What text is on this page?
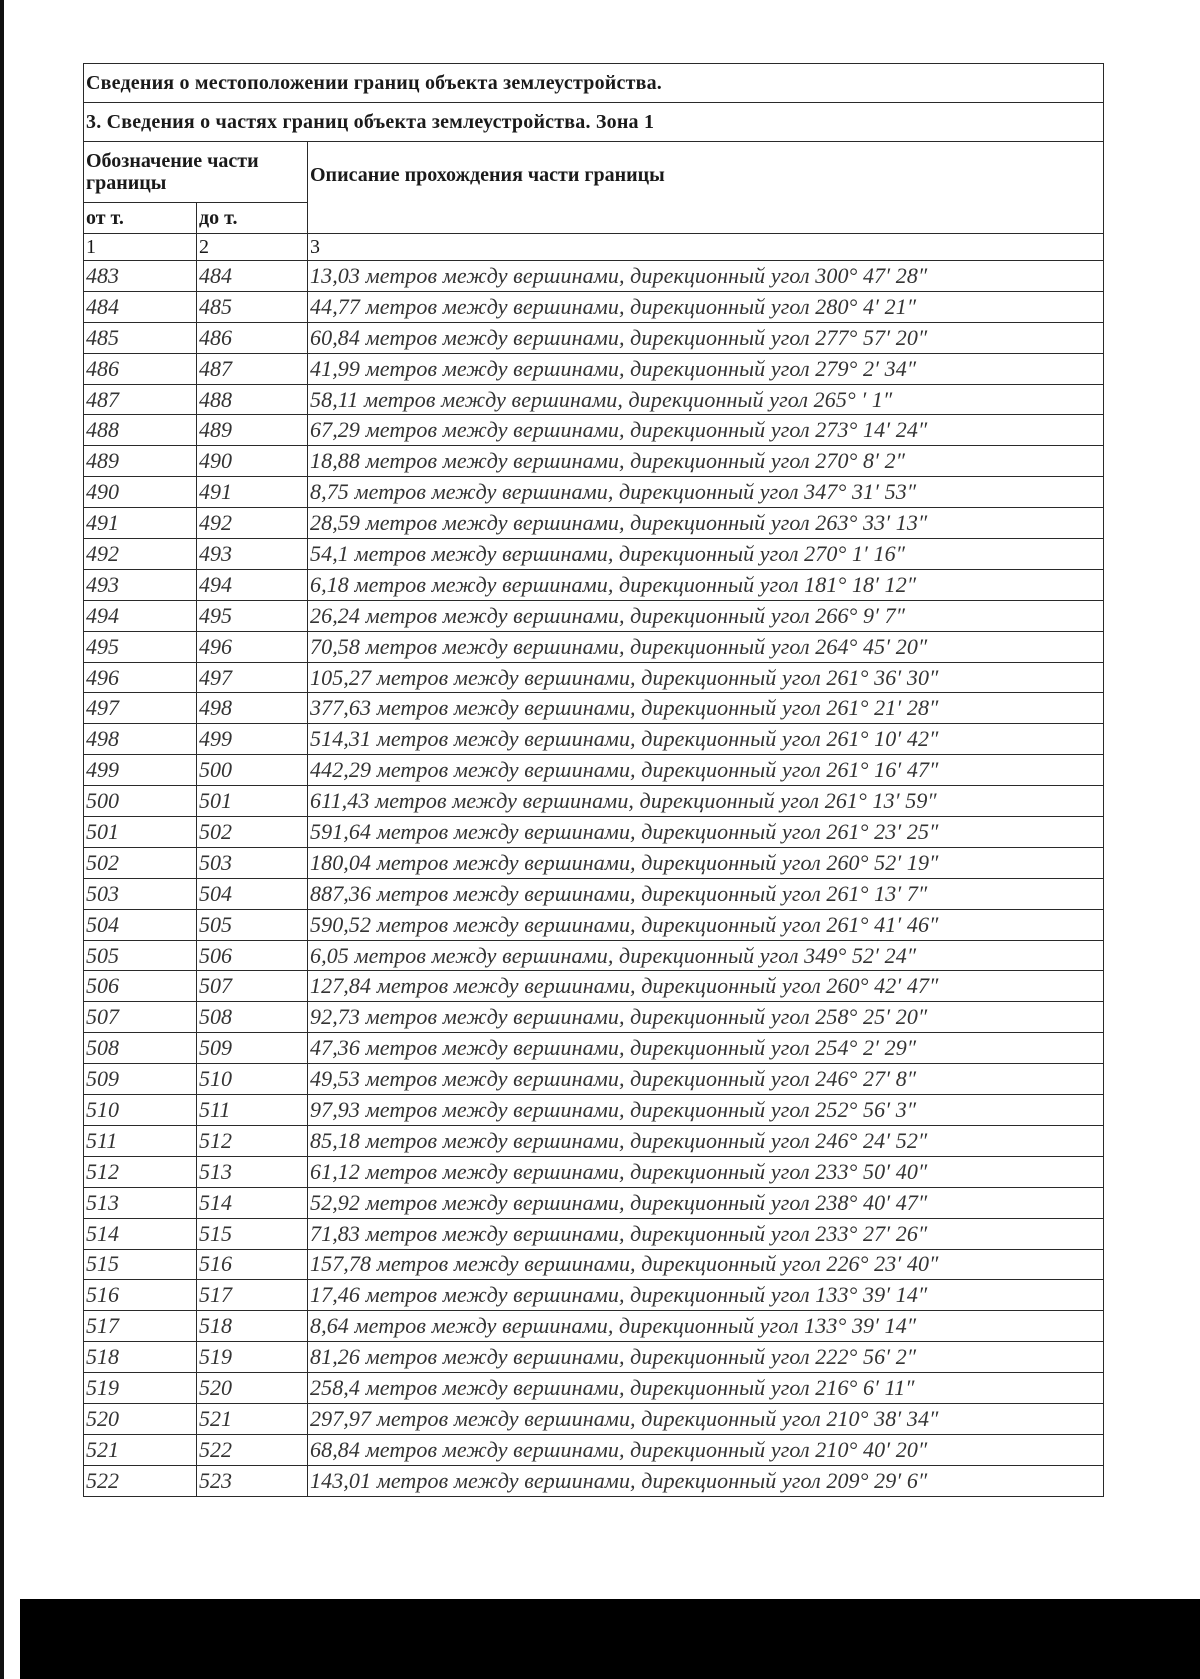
Сведения о местоположении границ объекта землеустройства.		
3. Сведения о частях границ объекта землеустройства. Зона 1		
Обозначение части границы		Описание прохождения части границы
от т.	до т.	
1	2	3
483	484	13,03 метров между вершинами, дирекционный угол 300° 47′ 28″
484	485	44,77 метров между вершинами, дирекционный угол 280° 4′ 21″
485	486	60,84 метров между вершинами, дирекционный угол 277° 57′ 20″
486	487	41,99 метров между вершинами, дирекционный угол 279° 2′ 34″
487	488	58,11 метров между вершинами, дирекционный угол 265° ′ 1″
488	489	67,29 метров между вершинами, дирекционный угол 273° 14′ 24″
489	490	18,88 метров между вершинами, дирекционный угол 270° 8′ 2″
490	491	8,75 метров между вершинами, дирекционный угол 347° 31′ 53″
491	492	28,59 метров между вершинами, дирекционный угол 263° 33′ 13″
492	493	54,1 метров между вершинами, дирекционный угол 270° 1′ 16″
493	494	6,18 метров между вершинами, дирекционный угол 181° 18′ 12″
494	495	26,24 метров между вершинами, дирекционный угол 266° 9′ 7″
495	496	70,58 метров между вершинами, дирекционный угол 264° 45′ 20″
496	497	105,27 метров между вершинами, дирекционный угол 261° 36′ 30″
497	498	377,63 метров между вершинами, дирекционный угол 261° 21′ 28″
498	499	514,31 метров между вершинами, дирекционный угол 261° 10′ 42″
499	500	442,29 метров между вершинами, дирекционный угол 261° 16′ 47″
500	501	611,43 метров между вершинами, дирекционный угол 261° 13′ 59″
501	502	591,64 метров между вершинами, дирекционный угол 261° 23′ 25″
502	503	180,04 метров между вершинами, дирекционный угол 260° 52′ 19″
503	504	887,36 метров между вершинами, дирекционный угол 261° 13′ 7″
504	505	590,52 метров между вершинами, дирекционный угол 261° 41′ 46″
505	506	6,05 метров между вершинами, дирекционный угол 349° 52′ 24″
506	507	127,84 метров между вершинами, дирекционный угол 260° 42′ 47″
507	508	92,73 метров между вершинами, дирекционный угол 258° 25′ 20″
508	509	47,36 метров между вершинами, дирекционный угол 254° 2′ 29″
509	510	49,53 метров между вершинами, дирекционный угол 246° 27′ 8″
510	511	97,93 метров между вершинами, дирекционный угол 252° 56′ 3″
511	512	85,18 метров между вершинами, дирекционный угол 246° 24′ 52″
512	513	61,12 метров между вершинами, дирекционный угол 233° 50′ 40″
513	514	52,92 метров между вершинами, дирекционный угол 238° 40′ 47″
514	515	71,83 метров между вершинами, дирекционный угол 233° 27′ 26″
515	516	157,78 метров между вершинами, дирекционный угол 226° 23′ 40″
516	517	17,46 метров между вершинами, дирекционный угол 133° 39′ 14″
517	518	8,64 метров между вершинами, дирекционный угол 133° 39′ 14″
518	519	81,26 метров между вершинами, дирекционный угол 222° 56′ 2″
519	520	258,4 метров между вершинами, дирекционный угол 216° 6′ 11″
520	521	297,97 метров между вершинами, дирекционный угол 210° 38′ 34″
521	522	68,84 метров между вершинами, дирекционный угол 210° 40′ 20″
522	523	143,01 метров между вершинами, дирекционный угол 209° 29′ 6″
